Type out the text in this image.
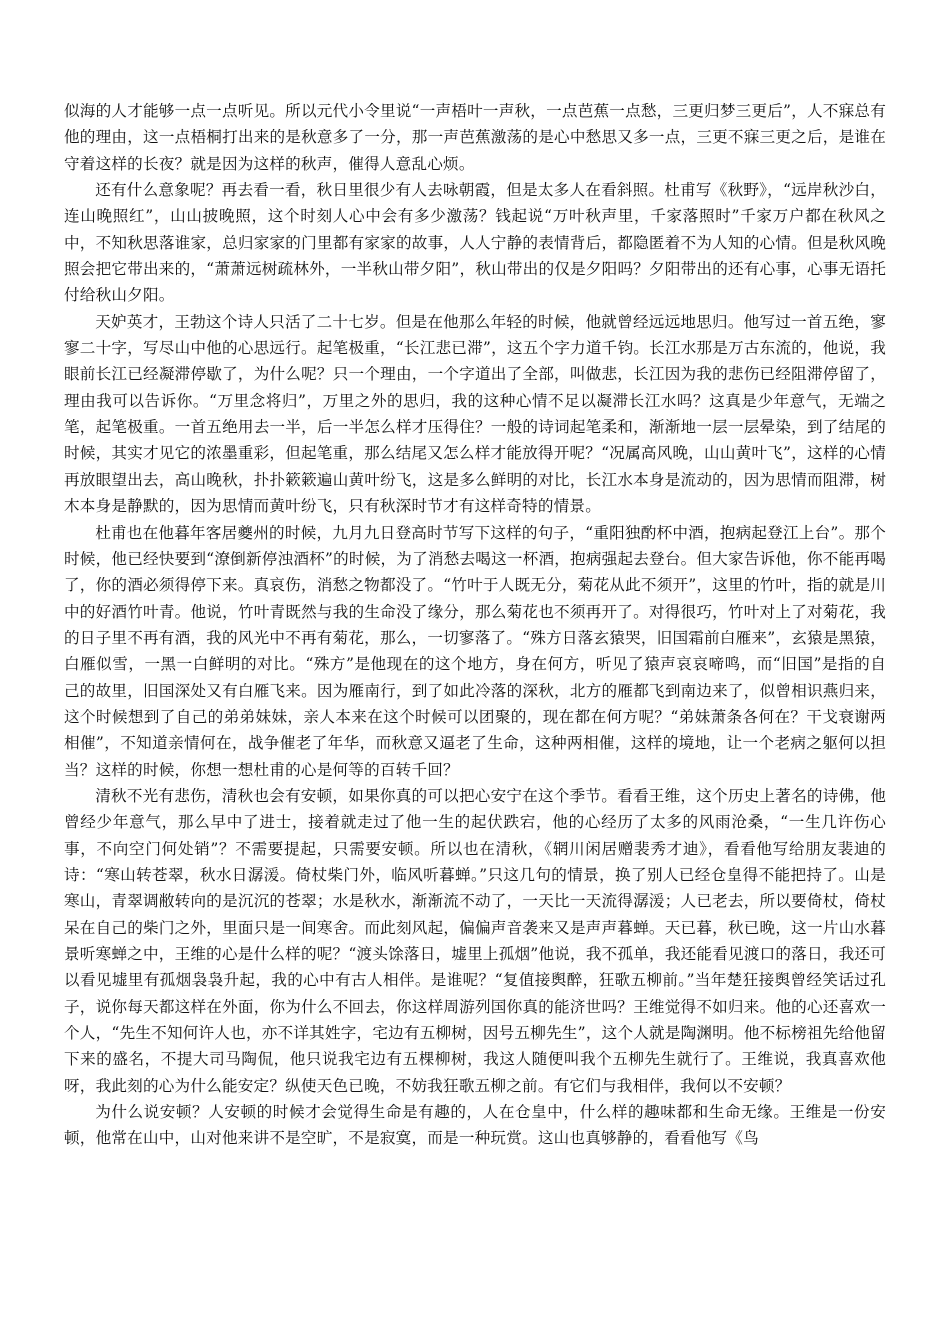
似海的人才能够一点一点听见。所以元代小令里说“一声梧叶一声秋，一点芭蕉一点愁，三更归梦三更后”，人不寐总有他的理由，这一点梧桐打出来的是秋意多了一分，那一声芭蕉激荡的是心中愁思又多一点，三更不寐三更之后，是谁在守着这样的长夜？就是因为这样的秋声，催得人意乱心烦。

还有什么意象呢？再去看一看，秋日里很少有人去咏朝霞，但是太多人在看斜照。杜甫写《秋野》，“远岸秋沙白，连山晚照红”，山山披晚照，这个时刻人心中会有多少激荡？钱起说“万叶秋声里，千家落照时”千家万户都在秋风之中，不知秋思落谁家，总归家家的门里都有家家的故事，人人宁静的表情背后，都隐匿着不为人知的心情。但是秋风晚照会把它带出来的，“萧萧远树疏林外，一半秋山带夕阳”，秋山带出的仅是夕阳吗？夕阳带出的还有心事，心事无语托付给秋山夕阳。

天妒英才，王勃这个诗人只活了二十七岁。但是在他那么年轻的时候，他就曾经远远地思归。他写过一首五绝，寥寥二十字，写尽山中他的心思远行。起笔极重，“长江悲已滞”，这五个字力道千钧。长江水那是万古东流的，他说，我眼前长江已经凝滞停歇了，为什么呢？只一个理由，一个字道出了全部，叫做悲，长江因为我的悲伤已经阻滞停留了，理由我可以告诉你。“万里念将归”，万里之外的思归，我的这种心情不足以凝滞长江水吗？这真是少年意气，无端之笔，起笔极重。一首五绝用去一半，后一半怎么样才压得住？一般的诗词起笔柔和，渐渐地一层一层晕染，到了结尾的时候，其实才见它的浓墨重彩，但起笔重，那么结尾又怎么样才能放得开呢？“况属高风晚，山山黄叶飞”，这样的心情再放眼望出去，高山晚秋，扑扑簌簌遍山黄叶纷飞，这是多么鲜明的对比，长江水本身是流动的，因为思情而阻滞，树木本身是静默的，因为思情而黄叶纷飞，只有秋深时节才有这样奇特的情景。

杜甫也在他暮年客居夔州的时候，九月九日登高时节写下这样的句子，“重阳独酌杯中酒，抱病起登江上台”。那个时候，他已经快要到“潦倒新停浊酒杯”的时候，为了消愁去喝这一杯酒，抱病强起去登台。但大家告诉他，你不能再喝了，你的酒必须得停下来。真哀伤，消愁之物都没了。“竹叶于人既无分，菊花从此不须开”，这里的竹叶，指的就是川中的好酒竹叶青。他说，竹叶青既然与我的生命没了缘分，那么菊花也不须再开了。对得很巧，竹叶对上了对菊花，我的日子里不再有酒，我的风光中不再有菊花，那么，一切寥落了。“殊方日落玄猿哭，旧国霜前白雁来”，玄猿是黑猿，白雁似雪，一黑一白鲜明的对比。“殊方”是他现在的这个地方，身在何方，听见了猿声哀哀啼鸣，而“旧国”是指的自己的故里，旧国深处又有白雁飞来。因为雁南行，到了如此冷落的深秋，北方的雁都飞到南边来了，似曾相识燕归来，这个时候想到了自己的弟弟妹妹，亲人本来在这个时候可以团聚的，现在都在何方呢？“弟妹萧条各何在？干戈衰谢两相催”，不知道亲情何在，战争催老了年华，而秋意又逼老了生命，这种两相催，这样的境地，让一个老病之躯何以担当？这样的时候，你想一想杜甫的心是何等的百转千回？

清秋不光有悲伤，清秋也会有安顿，如果你真的可以把心安宁在这个季节。看看王维，这个历史上著名的诗佛，他曾经少年意气，那么早中了进士，接着就走过了他一生的起伏跌宕，他的心经历了太多的风雨沧桑，“一生几许伤心事，不向空门何处销”？不需要提起，只需要安顿。所以也在清秋，《辋川闲居赠裴秀才迪》，看看他写给朋友裴迪的诗：“寒山转苍翠，秋水日潺湲。倚杖柴门外，临风听暮蝉。”只这几句的情景，换了别人已经仓皇得不能把持了。山是寒山，青翠调敝转向的是沉沉的苍翠；水是秋水，渐渐流不动了，一天比一天流得潺湲；人已老去，所以要倚杖，倚杖呆在自己的柴门之外，里面只是一间寒舍。而此刻风起，偏偏声音袭来又是声声暮蝉。天已暮，秋已晚，这一片山水暮景听寒蝉之中，王维的心是什么样的呢？“渡头馀落日，墟里上孤烟”他说，我不孤单，我还能看见渡口的落日，我还可以看见墟里有孤烟袅袅升起，我的心中有古人相伴。是谁呢？“复值接舆醉，狂歌五柳前。”当年楚狂接舆曾经笑话过孔子，说你每天都这样在外面，你为什么不回去，你这样周游列国你真的能济世吗？王维觉得不如归来。他的心还喜欢一个人，“先生不知何许人也，亦不详其姓字，宅边有五柳树，因号五柳先生”，这个人就是陶渊明。他不标榜祖先给他留下来的盛名，不提大司马陶侃，他只说我宅边有五棵柳树，我这人随便叫我个五柳先生就行了。王维说，我真喜欢他呀，我此刻的心为什么能安定？纵使天色已晚，不妨我狂歌五柳之前。有它们与我相伴，我何以不安顿？

为什么说安顿？人安顿的时候才会觉得生命是有趣的，人在仓皇中，什么样的趣味都和生命无缘。王维是一份安顿，他常在山中，山对他来讲不是空旷，不是寂寞，而是一种玩赏。这山也真够静的，看看他写《鸟
